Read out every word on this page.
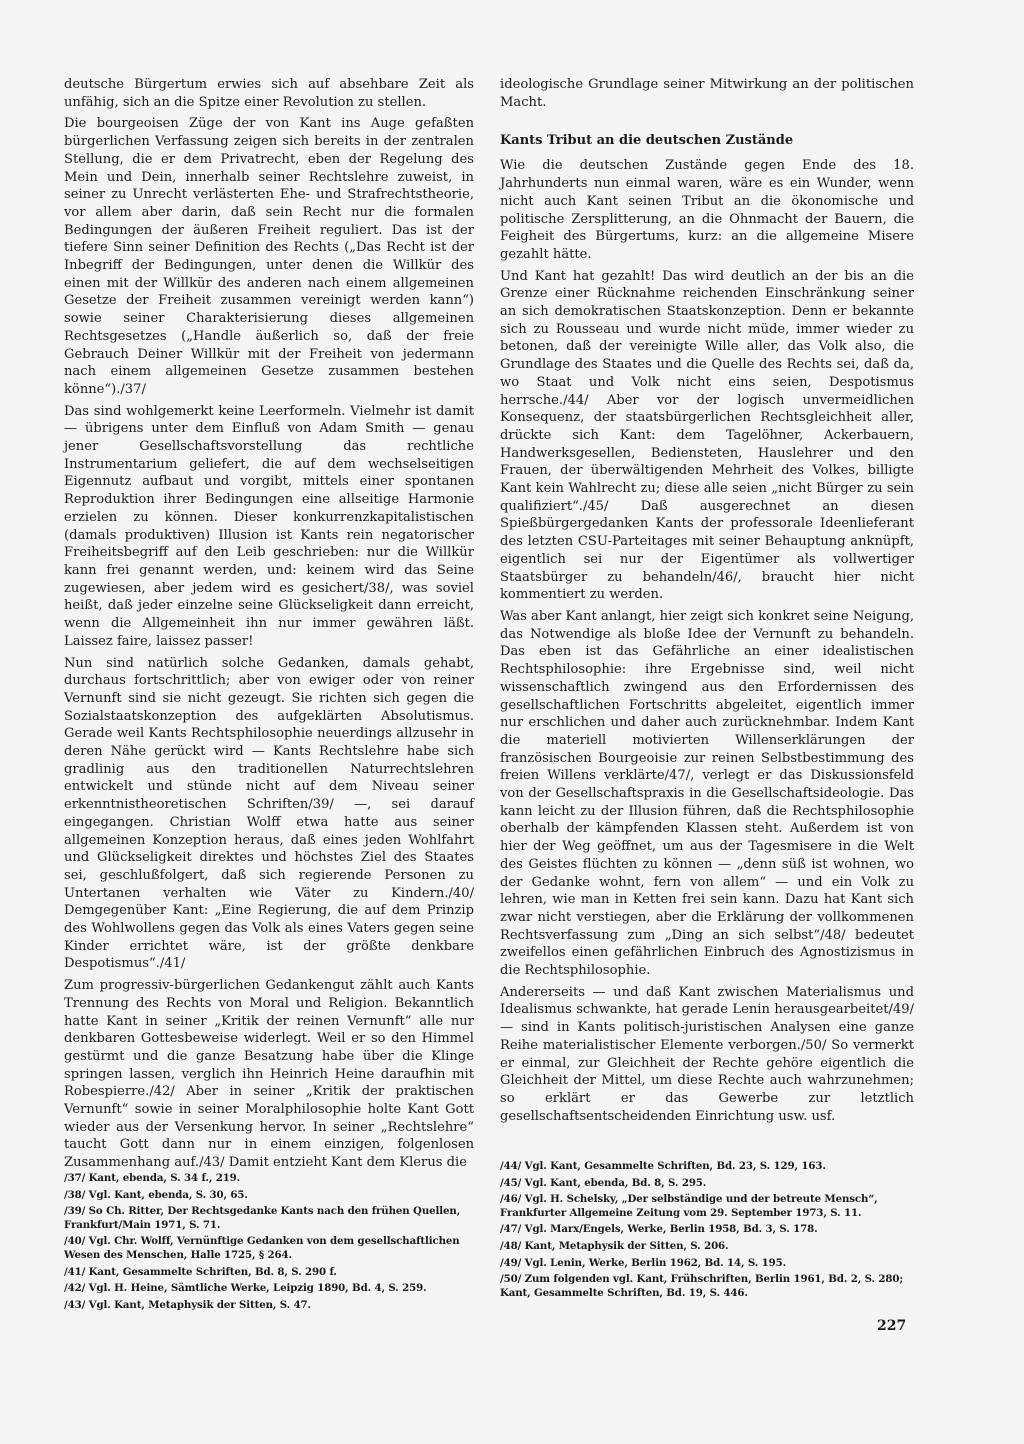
deutsche Bürgertum erwies sich auf absehbare Zeit als unfähig, sich an die Spitze einer Revolution zu stellen.

Die bourgeoisen Züge der von Kant ins Auge gefaßten bürgerlichen Verfassung zeigen sich bereits in der zentralen Stellung, die er dem Privatrecht, eben der Regelung des Mein und Dein, innerhalb seiner Rechtslehre zuweist, in seiner zu Unrecht verlästerten Ehe- und Strafrechtstheorie, vor allem aber darin, daß sein Recht nur die formalen Bedingungen der äußeren Freiheit reguliert. Das ist der tiefere Sinn seiner Definition des Rechts („Das Recht ist der Inbegriff der Bedingungen, unter denen die Willkür des einen mit der Willkür des anderen nach einem allgemeinen Gesetze der Freiheit zusammen vereinigt werden kann“) sowie seiner Charakterisierung dieses allgemeinen Rechtsgesetzes („Handle äußerlich so, daß der freie Gebrauch Deiner Willkür mit der Freiheit von jedermann nach einem allgemeinen Gesetze zusammen bestehen könne“)./37/

Das sind wohlgemerkt keine Leerformeln. Vielmehr ist damit — übrigens unter dem Einfluß von Adam Smith — genau jener Gesellschaftsvorstellung das rechtliche Instrumentarium geliefert, die auf dem wechselseitigen Eigennutz aufbaut und vorgibt, mittels einer spontanen Reproduktion ihrer Bedingungen eine allseitige Harmonie erzielen zu können. Dieser konkurrenzkapitalistischen (damals produktiven) Illusion ist Kants rein negatorischer Freiheitsbegriff auf den Leib geschrieben: nur die Willkür kann frei genannt werden, und: keinem wird das Seine zugewiesen, aber jedem wird es gesichert/38/, was soviel heißt, daß jeder einzelne seine Glückseligkeit dann erreicht, wenn die Allgemeinheit ihn nur immer gewähren läßt. Laissez faire, laissez passer!

Nun sind natürlich solche Gedanken, damals gehabt, durchaus fortschrittlich; aber von ewiger oder von reiner Vernunft sind sie nicht gezeugt. Sie richten sich gegen die Sozialstaatskonzeption des aufgeklärten Absolutismus. Gerade weil Kants Rechtsphilosophie neuerdings allzusehr in deren Nähe gerückt wird — Kants Rechtslehre habe sich gradlinig aus den traditionellen Naturrechtslehren entwickelt und stünde nicht auf dem Niveau seiner erkenntnistheoretischen Schriften/39/ —, sei darauf eingegangen. Christian Wolff etwa hatte aus seiner allgemeinen Konzeption heraus, daß eines jeden Wohlfahrt und Glückseligkeit direktes und höchstes Ziel des Staates sei, geschlußfolgert, daß sich regierende Personen zu Untertanen verhalten wie Väter zu Kindern./40/ Demgegenüber Kant: „Eine Regierung, die auf dem Prinzip des Wohlwollens gegen das Volk als eines Vaters gegen seine Kinder errichtet wäre, ist der größte denkbare Despotismus“./41/

Zum progressiv-bürgerlichen Gedankengut zählt auch Kants Trennung des Rechts von Moral und Religion. Bekanntlich hatte Kant in seiner „Kritik der reinen Vernunft“ alle nur denkbaren Gottesbeweise widerlegt. Weil er so den Himmel gestürmt und die ganze Besatzung habe über die Klinge springen lassen, verglich ihn Heinrich Heine daraufhin mit Robespierre./42/ Aber in seiner „Kritik der praktischen Vernunft“ sowie in seiner Moralphilosophie holte Kant Gott wieder aus der Versenkung hervor. In seiner „Rechtslehre“ taucht Gott dann nur in einem einzigen, folgenlosen Zusammenhang auf./43/ Damit entzieht Kant dem Klerus die

ideologische Grundlage seiner Mitwirkung an der politischen Macht.

Kants Tribut an die deutschen Zustände

Wie die deutschen Zustände gegen Ende des 18. Jahrhunderts nun einmal waren, wäre es ein Wunder, wenn nicht auch Kant seinen Tribut an die ökonomische und politische Zersplitterung, an die Ohnmacht der Bauern, die Feigheit des Bürgertums, kurz: an die allgemeine Misere gezahlt hätte.

Und Kant hat gezahlt! Das wird deutlich an der bis an die Grenze einer Rücknahme reichenden Einschränkung seiner an sich demokratischen Staatskonzeption. Denn er bekannte sich zu Rousseau und wurde nicht müde, immer wieder zu betonen, daß der vereinigte Wille aller, das Volk also, die Grundlage des Staates und die Quelle des Rechts sei, daß da, wo Staat und Volk nicht eins seien, Despotismus herrsche./44/ Aber vor der logisch unvermeidlichen Konsequenz, der staatsbürgerlichen Rechtsgleichheit aller, drückte sich Kant: dem Tagelöhner, Ackerbauern, Handwerksgesellen, Bediensteten, Hauslehrer und den Frauen, der überwältigenden Mehrheit des Volkes, billigte Kant kein Wahlrecht zu; diese alle seien „nicht Bürger zu sein qualifiziert“./45/ Daß ausgerechnet an diesen Spießbürgergedanken Kants der professorale Ideenlieferant des letzten CSU-Parteitages mit seiner Behauptung anknüpft, eigentlich sei nur der Eigentümer als vollwertiger Staatsbürger zu behandeln/46/, braucht hier nicht kommentiert zu werden.

Was aber Kant anlangt, hier zeigt sich konkret seine Neigung, das Notwendige als bloße Idee der Vernunft zu behandeln. Das eben ist das Gefährliche an einer idealistischen Rechtsphilosophie: ihre Ergebnisse sind, weil nicht wissenschaftlich zwingend aus den Erfordernissen des gesellschaftlichen Fortschritts abgeleitet, eigentlich immer nur erschlichen und daher auch zurücknehmbar. Indem Kant die materiell motivierten Willenserklärungen der französischen Bourgeoisie zur reinen Selbstbestimmung des freien Willens verklärte/47/, verlegt er das Diskussionsfeld von der Gesellschaftspraxis in die Gesellschaftsideologie. Das kann leicht zu der Illusion führen, daß die Rechtsphilosophie oberhalb der kämpfenden Klassen steht. Außerdem ist von hier der Weg geöffnet, um aus der Tagesmisere in die Welt des Geistes flüchten zu können — „denn süß ist wohnen, wo der Gedanke wohnt, fern von allem“ — und ein Volk zu lehren, wie man in Ketten frei sein kann. Dazu hat Kant sich zwar nicht verstiegen, aber die Erklärung der vollkommenen Rechtsverfassung zum „Ding an sich selbst“/48/ bedeutet zweifellos einen gefährlichen Einbruch des Agnostizismus in die Rechtsphilosophie.

Andererseits — und daß Kant zwischen Materialismus und Idealismus schwankte, hat gerade Lenin herausgearbeitet/49/ — sind in Kants politisch-juristischen Analysen eine ganze Reihe materialistischer Elemente verborgen./50/ So vermerkt er einmal, zur Gleichheit der Rechte gehöre eigentlich die Gleichheit der Mittel, um diese Rechte auch wahrzunehmen; so erklärt er das Gewerbe zur letztlich gesellschaftsentscheidenden Einrichtung usw. usf.

/37/ Kant, ebenda, S. 34 f., 219.
/38/ Vgl. Kant, ebenda, S. 30, 65.
/39/ So Ch. Ritter, Der Rechtsgedanke Kants nach den frühen Quellen, Frankfurt/Main 1971, S. 71.
/40/ Vgl. Chr. Wolff, Vernünftige Gedanken von dem gesellschaftlichen Wesen des Menschen, Halle 1725, § 264.
/41/ Kant, Gesammelte Schriften, Bd. 8, S. 290 f.
/42/ Vgl. H. Heine, Sämtliche Werke, Leipzig 1890, Bd. 4, S. 259.
/43/ Vgl. Kant, Metaphysik der Sitten, S. 47.
/44/ Vgl. Kant, Gesammelte Schriften, Bd. 23, S. 129, 163.
/45/ Vgl. Kant, ebenda, Bd. 8, S. 295.
/46/ Vgl. H. Schelsky, „Der selbständige und der betreute Mensch“, Frankfurter Allgemeine Zeitung vom 29. September 1973, S. 11.
/47/ Vgl. Marx/Engels, Werke, Berlin 1958, Bd. 3, S. 178.
/48/ Kant, Metaphysik der Sitten, S. 206.
/49/ Vgl. Lenin, Werke, Berlin 1962, Bd. 14, S. 195.
/50/ Zum folgenden vgl. Kant, Frühschriften, Berlin 1961, Bd. 2, S. 280; Kant, Gesammelte Schriften, Bd. 19, S. 446.
227
